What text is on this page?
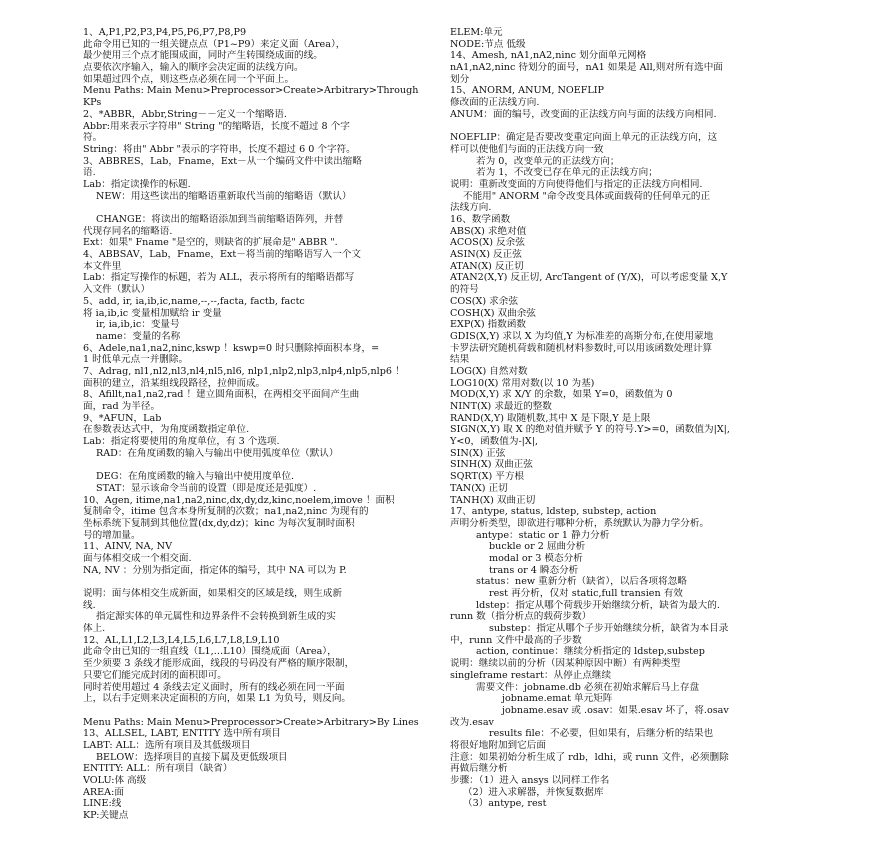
1、A,P1,P2,P3,P4,P5,P6,P7,P8,P9
此命令用已知的一组关键点点（P1~P9）来定义面（Area），
最少使用三个点才能围成面，同时产生转围绕成面的线。
点要依次序输入，输入的顺序会决定面的法线方向。
如果超过四个点，则这些点必须在同一个平面上。
Menu Paths: Main Menu>Preprocessor>Create>Arbitrary>Through
KPs
2、*ABBR，Abbr,String－－定义一个缩略语.
Abbr:用来表示字符串" String "的缩略语，长度不超过 8 个字
符。
String：将由" Abbr "表示的字符串，长度不超过 6 0 个字符。
3、ABBRES，Lab，Fname，Ext－从一个编码文件中读出缩略
语.
Lab：指定读操作的标题.
NEW：用这些读出的缩略语重新取代当前的缩略语（默认）
CHANGE：将读出的缩略语添加到当前缩略语阵列，并替
代现存同名的缩略语.
Ext：如果" Fname "是空的，则缺省的扩展命是" ABBR ".
4、ABBSAV，Lab，Fname，Ext－将当前的缩略语写入一个文
本文件里
Lab：指定写操作的标题，若为 ALL，表示将所有的缩略语都写
入文件（默认）
5、add, ir, ia,ib,ic,name,--,--,facta, factb, factc
将 ia,ib,ic 变量相加赋给 ir 变量
ir, ia,ib,ic：变量号
name：变量的名称
6、Adele,na1,na2,ninc,kswp ！kswp=0 时只删除掉面积本身，=
1 时低单元点一并删除。
7、Adrag, nl1,nl2,nl3,nl4,nl5,nl6, nlp1,nlp2,nlp3,nlp4,nlp5,nlp6 ！
面积的建立，沿某组线段路径，拉伸而成。
8、Afillt,na1,na2,rad ！建立圆角面积，在两相交平面间产生曲
面，rad 为半径。
9、*AFUN，Lab
在参数表达式中，为角度函数指定单位.
Lab：指定将要使用的角度单位，有 3 个选项.
RAD：在角度函数的输入与输出中使用弧度单位（默认）
DEG：在角度函数的输入与输出中使用度单位.
STAT：显示该命令当前的设置（即是度还是弧度）.
10、Agen, itime,na1,na2,ninc,dx,dy,dz,kinc,noelem,imove ！面积
复制命令，itime 包含本身所复制的次数；na1,na2,ninc 为现有的
坐标系统下复制到其他位置(dx,dy,dz)；kinc 为每次复制时面积
号的增加量。
11、AINV, NA, NV
面与体相交成一个相交面.
NA, NV ：分别为指定面，指定体的编号，其中 NA 可以为 P.
说明：面与体相交生成新面，如果相交的区域是线，则生成新
线.
指定源实体的单元属性和边界条件不会转换到新生成的实
体上.
12、AL,L1,L2,L3,L4,L5,L6,L7,L8,L9,L10
此命令由已知的一组直线（L1,…L10）围绕成面（Area），
至少须要 3 条线才能形成面，线段的号码没有严格的顺序限制，
只要它们能完成封闭的面积即可。
同时若使用超过 4 条线去定义面时，所有的线必须在同一平面
上，以右手定则来决定面积的方向，如果 L1 为负号，则反向。
Menu Paths: Main Menu>Preprocessor>Create>Arbitrary>By Lines
13、ALLSEL, LABT, ENTITY 选中所有项目
LABT: ALL：选所有项目及其低级项目
BELOW：选择项目的直接下属及更低级项目
ENTITY: ALL：所有项目（缺省）
VOLU:体 高级
AREA:面
LINE:线
KP:关键点
ELEM:单元
NODE:节点 低级
14、Amesh, nA1,nA2,ninc 划分面单元网格
nA1,nA2,ninc 待划分的面号，nA1 如果是 All,则对所有选中面
划分
15、ANORM, ANUM, NOEFLIP
修改面的正法线方向.
ANUM：面的编号，改变面的正法线方向与面的法线方向相同.
NOEFLIP：确定是否要改变重定向面上单元的正法线方向，这
样可以使他们与面的正法线方向一致
若为 0，改变单元的正法线方向；
若为 1，不改变已存在单元的正法线方向；
说明：重新改变面的方向使得他们与指定的正法线方向相同.
不能用" ANORM "命令改变具体或面载荷的任何单元的正
法线方向.
16、数学函数
ABS(X) 求绝对值
ACOS(X) 反余弦
ASIN(X) 反正弦
ATAN(X) 反正切
ATAN2(X,Y) 反正切, ArcTangent of (Y/X)，可以考虑变量 X,Y
的符号
COS(X) 求余弦
COSH(X) 双曲余弦
EXP(X) 指数函数
GDIS(X,Y) 求以 X 为均值,Y 为标准差的高斯分布,在使用蒙地
卡罗法研究随机荷载和随机材料参数时,可以用该函数处理计算
结果
LOG(X) 自然对数
LOG10(X) 常用对数(以 10 为基)
MOD(X,Y) 求 X/Y 的余数，如果 Y=0，函数值为 0
NINT(X) 求最近的整数
RAND(X,Y) 取随机数,其中 X 是下限,Y 是上限
SIGN(X,Y) 取 X 的绝对值并赋予 Y 的符号.Y>=0，函数值为|X|,
Y<0，函数值为-|X|,
SIN(X) 正弦
SINH(X) 双曲正弦
SQRT(X) 平方根
TAN(X) 正切
TANH(X) 双曲正切
17、antype, status, ldstep, substep, action
声明分析类型，即欲进行哪种分析，系统默认为静力学分析。
antype：static or 1 静力分析
buckle or 2 屈曲分析
modal or 3 模态分析
trans or 4 瞬态分析
status：new 重新分析（缺省），以后各项将忽略
rest 再分析，仅对 static,full transien 有效
ldstep：指定从哪个荷载步开始继续分析，缺省为最大的.
runn 数（指分析点的载荷步数）
substep：指定从哪个子步开始继续分析，缺省为本目录
中，runn 文件中最高的子步数
action, continue：继续分析指定的 ldstep,substep
说明：继续以前的分析（因某种原因中断）有两种类型
singleframe restart：从停止点继续
需要文件：jobname.db 必须在初始求解后马上存盘
jobname.emat 单元矩阵
jobname.esav 或 .osav：如果.esav 坏了，将.osav
改为.esav
results file：不必要，但如果有，后继分析的结果也
将很好地附加到它后面
注意：如果初始分析生成了 rdb，ldhi，或 runn 文件，必须删除
再做后继分析
步骤：（1）进入 ansys 以同样工作名
（2）进入求解器，并恢复数据库
（3）antype, rest
